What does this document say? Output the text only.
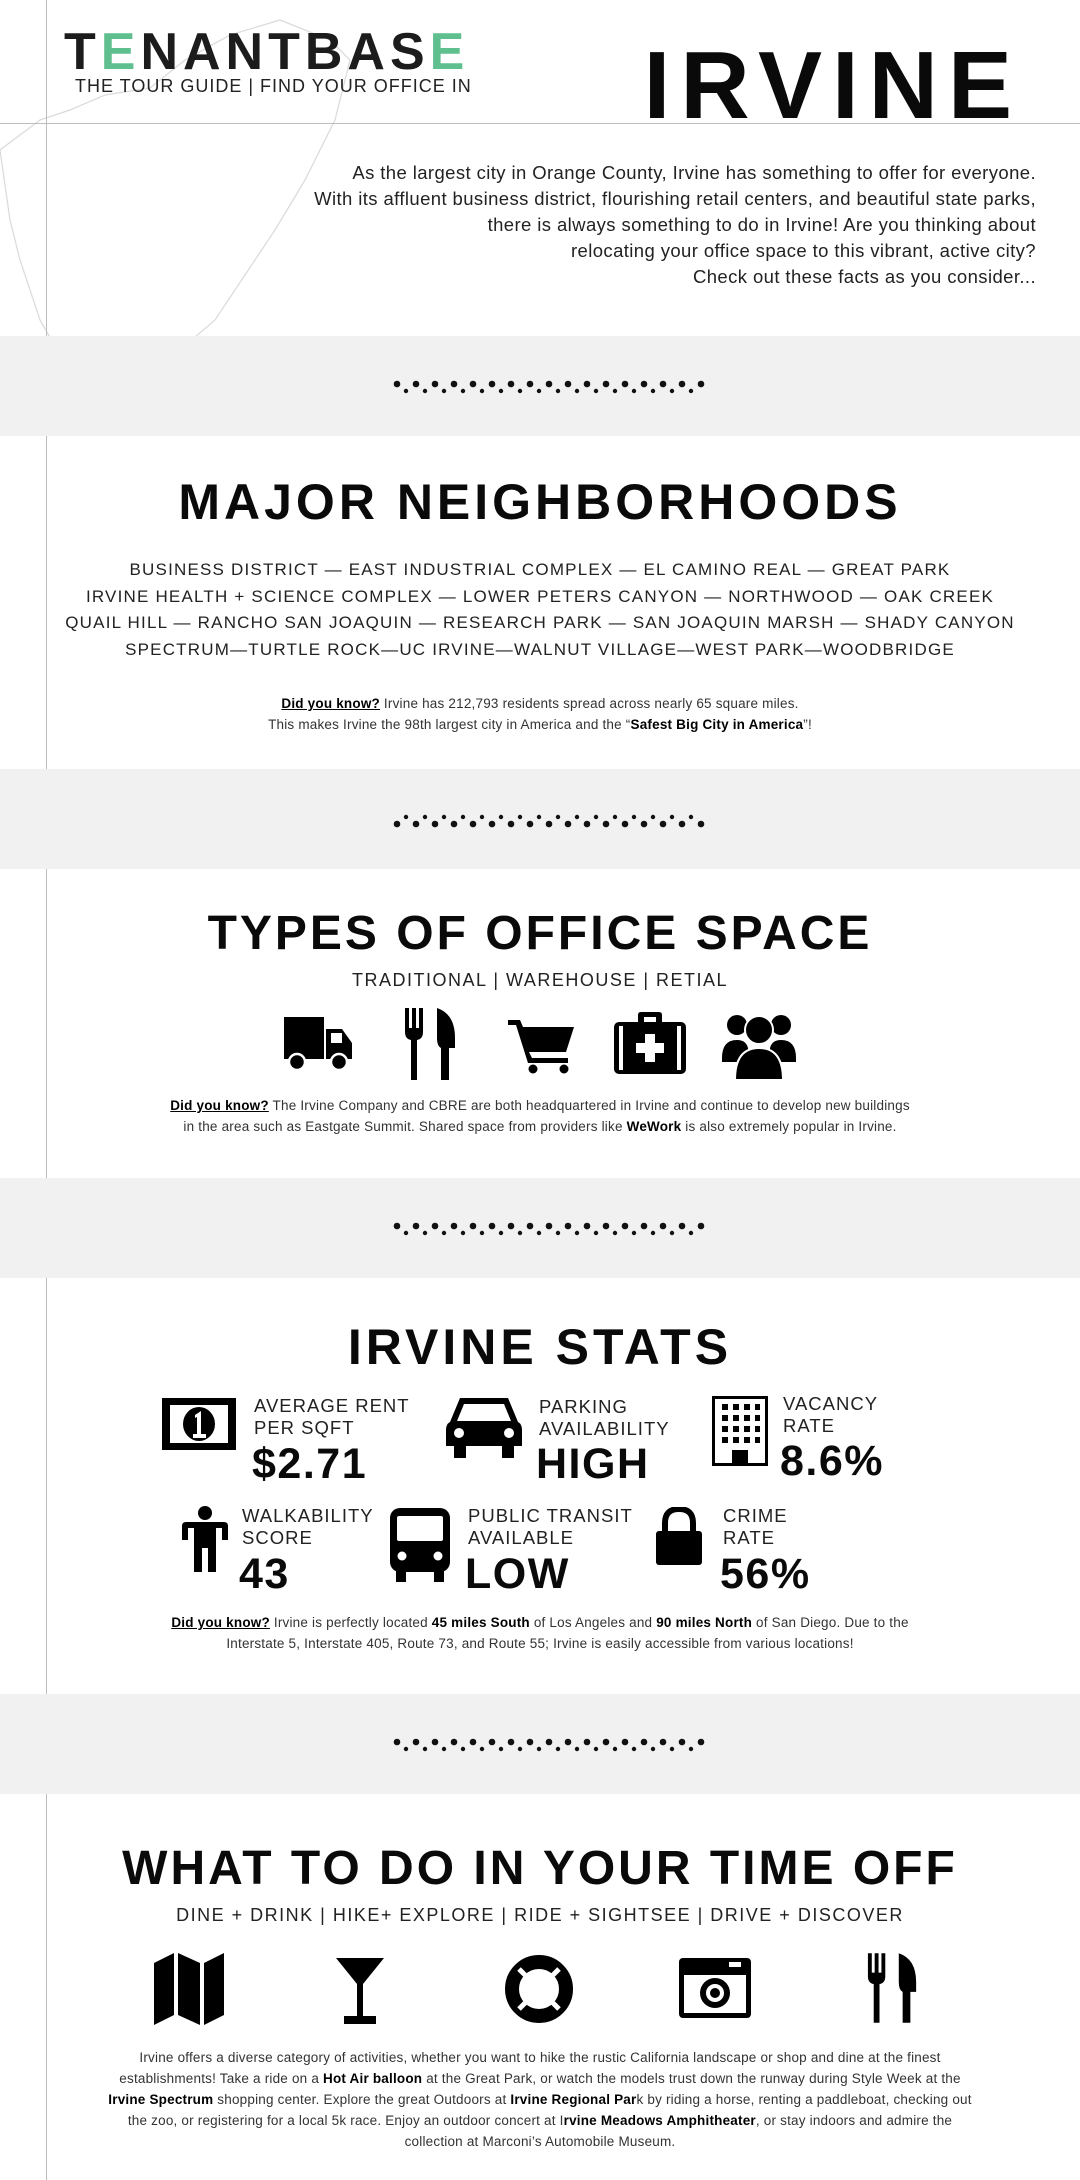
TENANTBASE
THE TOUR GUIDE | FIND YOUR OFFICE IN IRVINE
As the largest city in Orange County, Irvine has something to offer for everyone.
With its affluent business district, flourishing retail centers, and beautiful state parks,
there is always something to do in Irvine! Are you thinking about
relocating your office space to this vibrant, active city?
Check out these facts as you consider...
MAJOR NEIGHBORHOODS
BUSINESS DISTRICT — EAST INDUSTRIAL COMPLEX — EL CAMINO REAL — GREAT PARK
IRVINE HEALTH + SCIENCE COMPLEX — LOWER PETERS CANYON — NORTHWOOD — OAK CREEK
QUAIL HILL — RANCHO SAN JOAQUIN — RESEARCH PARK — SAN JOAQUIN MARSH — SHADY CANYON
SPECTRUM—TURTLE ROCK—UC IRVINE—WALNUT VILLAGE—WEST PARK—WOODBRIDGE
Did you know? Irvine has 212,793 residents spread across nearly 65 square miles.
This makes Irvine the 98th largest city in America and the “Safest Big City in America”!
TYPES OF OFFICE SPACE
TRADITIONAL | WAREHOUSE | RETIAL
Did you know? The Irvine Company and CBRE are both headquartered in Irvine and continue to develop new buildings
in the area such as Eastgate Summit. Shared space from providers like WeWork is also extremely popular in Irvine.
IRVINE STATS
AVERAGE RENT
PER SQFT
$2.71
PARKING
AVAILABILITY
HIGH
VACANCY
RATE
8.6%
WALKABILITY
SCORE
43
PUBLIC TRANSIT
AVAILABLE
LOW
CRIME
RATE
56%
Did you know? Irvine is perfectly located 45 miles South of Los Angeles and 90 miles North of San Diego. Due to the
Interstate 5, Interstate 405, Route 73, and Route 55; Irvine is easily accessible from various locations!
WHAT TO DO IN YOUR TIME OFF
DINE + DRINK | HIKE+ EXPLORE | RIDE + SIGHTSEE | DRIVE + DISCOVER
Irvine offers a diverse category of activities, whether you want to hike the rustic California landscape or shop and dine at the finest establishments! Take a ride on a Hot Air balloon at the Great Park, or watch the models trust down the runway during Style Week at the Irvine Spectrum shopping center. Explore the great Outdoors at Irvine Regional Park by riding a horse, renting a paddleboat, checking out the zoo, or registering for a local 5k race. Enjoy an outdoor concert at Irvine Meadows Amphitheater, or stay indoors and admire the collection at Marconi’s Automobile Museum.
